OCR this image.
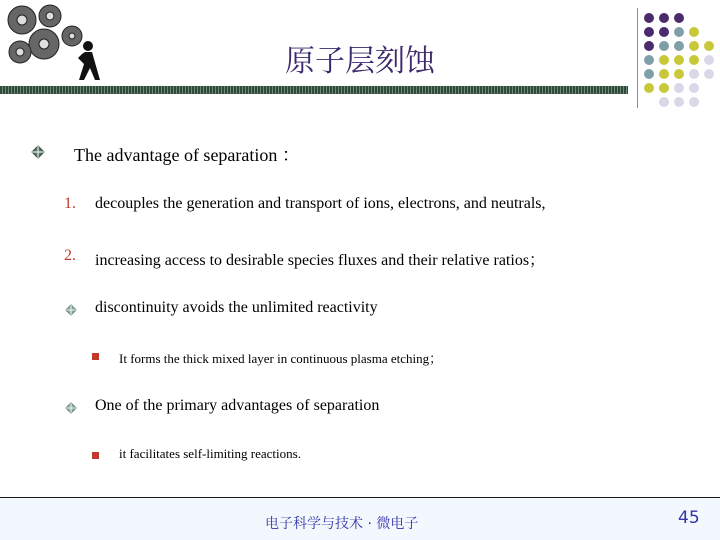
原子层刻蚀
The advantage of separation ：
1. decouples the generation and transport of ions, electrons, and neutrals,
2. increasing access to desirable species fluxes and their relative ratios；
discontinuity avoids the unlimited reactivity
It forms the thick mixed layer in continuous plasma etching；
One of the primary advantages of separation
it facilitates self-limiting reactions.
电子科学与技术 · 微电子	45
